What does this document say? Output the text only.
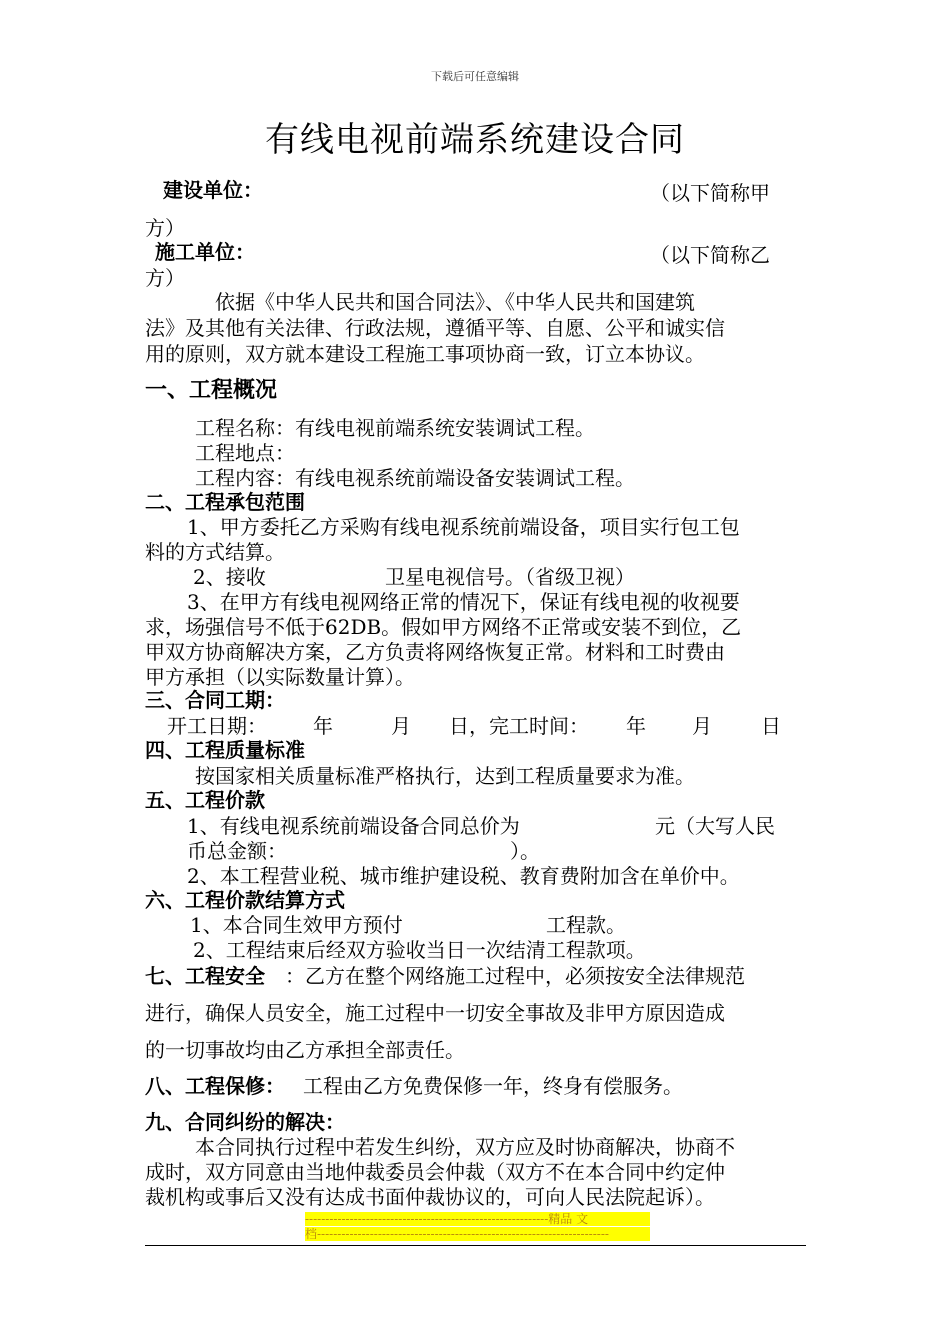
下载后可任意编辑
有线电视前端系统建设合同
建设单位：	（以下简称甲
方）
施工单位：	（以下简称乙
方）
依据《中华人民共和国合同法》、《中华人民共和国建筑
法》及其他有关法律、行政法规，遵循平等、自愿、公平和诚实信
用的原则，双方就本建设工程施工事项协商一致，订立本协议。
一、工程概况
工程名称：有线电视前端系统安装调试工程。
工程地点：
工程内容：有线电视系统前端设备安装调试工程。
二、工程承包范围
1、甲方委托乙方采购有线电视系统前端设备，项目实行包工包
料的方式结算。
2、接收	卫星电视信号。（省级卫视）
3、在甲方有线电视网络正常的情况下，保证有线电视的收视要
求，场强信号不低于62DB。假如甲方网络不正常或安装不到位，乙
甲双方协商解决方案，乙方负责将网络恢复正常。材料和工时费由
甲方承担（以实际数量计算）。
三、合同工期：
开工日期： 年	月 日，完工时间： 年 月 日
四、工程质量标准
按国家相关质量标准严格执行，达到工程质量要求为准。
五、工程价款
1、有线电视系统前端设备合同总价为	元（大写人民
币总金额：	）。
2、本工程营业税、城市维护建设税、教育费附加含在单价中。
六、工程价款结算方式
1、本合同生效甲方预付	工程款。
2、工程结束后经双方验收当日一次结清工程款项。
七、工程安全 ：乙方在整个网络施工过程中，必须按安全法律规范
进行，确保人员安全，施工过程中一切安全事故及非甲方原因造成
的一切事故均由乙方承担全部责任。
八、工程保修： 工程由乙方免费保修一年，终身有偿服务。
九、合同纠纷的解决：
本合同执行过程中若发生纠纷，双方应及时协商解决，协商不
成时，双方同意由当地仲裁委员会仲裁（双方不在本合同中约定仲
裁机构或事后又没有达成书面仲裁协议的，可向人民法院起诉）。
------------------------------------------------------------精品 文
档------------------------------------------------------------------------
